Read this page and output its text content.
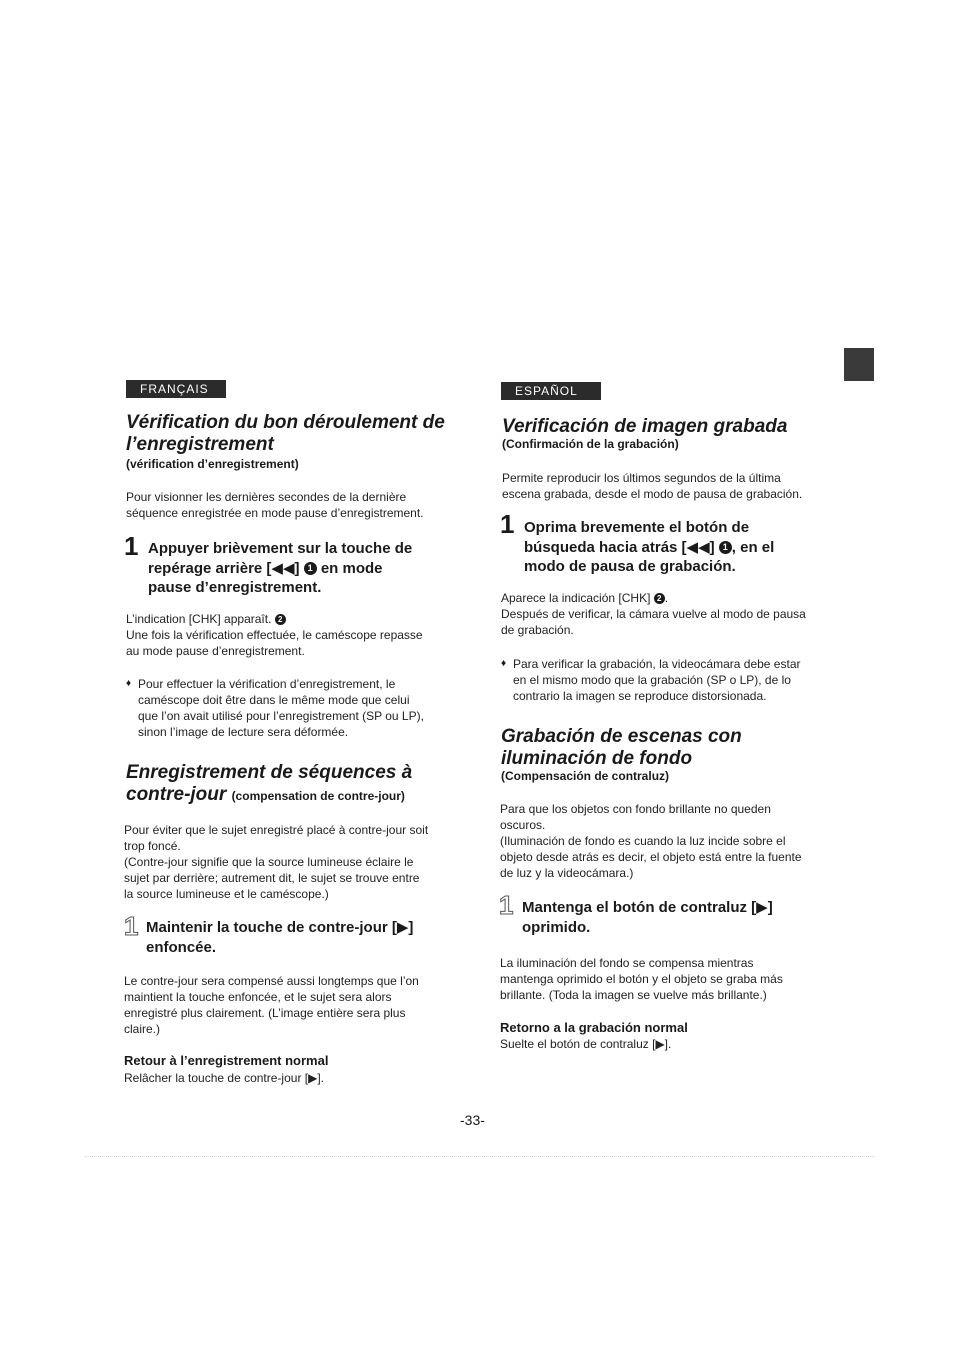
FRANÇAIS

Vérification du bon déroulement de

l’enregistrement

(vérification d’enregistrement)

Pour visionner les dernières secondes de la dernière

séquence enregistrée en mode pause d’enregistrement.

1 Appuyer brièvement sur la touche de

repérage arrière [◀◀] 1 en mode

pause d’enregistrement.

L’indication [CHK] apparaît. 2

Une fois la vérification effectuée, le caméscope repasse

au mode pause d’enregistrement.

♦ Pour effectuer la vérification d’enregistrement, le

caméscope doit être dans le même mode que celui

que l’on avait utilisé pour l’enregistrement (SP ou LP),

sinon l’image de lecture sera déformée.

Enregistrement de séquences à

contre-jour (compensation de contre-jour)

Pour éviter que le sujet enregistré placé à contre-jour soit

trop foncé.

(Contre-jour signifie que la source lumineuse éclaire le

sujet par derrière; autrement dit, le sujet se trouve entre

la source lumineuse et le caméscope.)

1 Maintenir la touche de contre-jour [▶]

enfoncée.

Le contre-jour sera compensé aussi longtemps que l’on

maintient la touche enfoncée, et le sujet sera alors

enregistré plus clairement. (L’image entière sera plus

claire.)

Retour à l’enregistrement normal

Relâcher la touche de contre-jour [▶].

ESPAÑOL

Verificación de imagen grabada

(Confirmación de la grabación)

Permite reproducir los últimos segundos de la última

escena grabada, desde el modo de pausa de grabación.

1 Oprima brevemente el botón de

búsqueda hacia atrás [◀◀] 1 , en el

modo de pausa de grabación.

Aparece la indicación [CHK] 2 .

Después de verificar, la cámara vuelve al modo de pausa

de grabación.

♦ Para verificar la grabación, la videocámara debe estar

en el mismo modo que la grabación (SP o LP), de lo

contrario la imagen se reproduce distorsionada.

Grabación de escenas con

iluminación de fondo

(Compensación de contraluz)

Para que los objetos con fondo brillante no queden

oscuros.

(Iluminación de fondo es cuando la luz incide sobre el

objeto desde atrás es decir, el objeto está entre la fuente

de luz y la videocámara.)

1 Mantenga el botón de contraluz [▶]

oprimido.

La iluminación del fondo se compensa mientras

mantenga oprimido el botón y el objeto se graba más

brillante. (Toda la imagen se vuelve más brillante.)

Retorno a la grabación normal

Suelte el botón de contraluz [▶].

-33-
